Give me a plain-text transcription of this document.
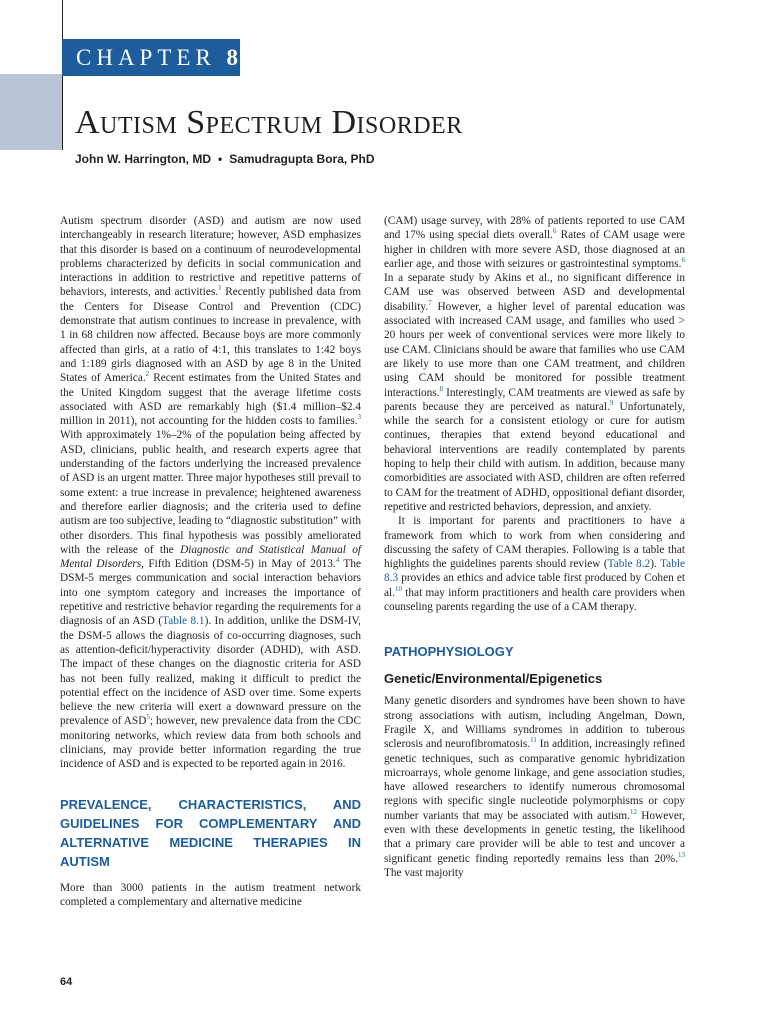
CHAPTER 8
Autism Spectrum Disorder
John W. Harrington, MD • Samudragupta Bora, PhD

Autism spectrum disorder (ASD) and autism are now used interchangeably in research literature; however, ASD emphasizes that this disorder is based on a continuum of neurodevelopmental problems characterized by deficits in social communication and interactions in addition to restrictive and repetitive patterns of behaviors, interests, and activities.$^1$ Recently published data from the Centers for Disease Control and Prevention (CDC) demonstrate that autism continues to increase in prevalence, with 1 in 68 children now affected. Because boys are more commonly affected than girls, at a ratio of 4:1, this translates to 1:42 boys and 1:189 girls diagnosed with an ASD by age 8 in the United States of America.$^2$ Recent estimates from the United States and the United Kingdom suggest that the average lifetime costs associated with ASD are remarkably high ($1.4 million–$2.4 million in 2011), not accounting for the hidden costs to families.$^3$ With approximately 1%–2% of the population being affected by ASD, clinicians, public health, and research experts agree that understanding of the factors underlying the increased prevalence of ASD is an urgent matter. Three major hypotheses still prevail to some extent: a true increase in prevalence; heightened awareness and therefore earlier diagnosis; and the criteria used to define autism are too subjective, leading to “diagnostic substitution” with other disorders. This final hypothesis was possibly ameliorated with the release of the Diagnostic and Statistical Manual of Mental Disorders, Fifth Edition (DSM-5) in May of 2013.$^4$ The DSM-5 merges communication and social interaction behaviors into one symptom category and increases the importance of repetitive and restrictive behavior regarding the requirements for a diagnosis of an ASD (Table 8.1). In addition, unlike the DSM-IV, the DSM-5 allows the diagnosis of co-occurring diagnoses, such as attention-deficit/hyperactivity disorder (ADHD), with ASD. The impact of these changes on the diagnostic criteria for ASD has not been fully realized, making it difficult to predict the potential effect on the incidence of ASD over time. Some experts believe the new criteria will exert a downward pressure on the prevalence of ASD$^5$; however, new prevalence data from the CDC monitoring networks, which review data from both schools and clinicians, may provide better information regarding the true incidence of ASD and is expected to be reported again in 2016.

PREVALENCE, CHARACTERISTICS, AND GUIDELINES FOR COMPLEMENTARY AND ALTERNATIVE MEDICINE THERAPIES IN AUTISM

More than 3000 patients in the autism treatment network completed a complementary and alternative medicine

(CAM) usage survey, with 28% of patients reported to use CAM and 17% using special diets overall.$^6$ Rates of CAM usage were higher in children with more severe ASD, those diagnosed at an earlier age, and those with seizures or gastrointestinal symptoms.$^6$ In a separate study by Akins et al., no significant difference in CAM use was observed between ASD and developmental disability.$^7$ However, a higher level of parental education was associated with increased CAM usage, and families who used > 20 hours per week of conventional services were more likely to use CAM. Clinicians should be aware that families who use CAM are likely to use more than one CAM treatment, and children using CAM should be monitored for possible treatment interactions.$^8$ Interestingly, CAM treatments are viewed as safe by parents because they are perceived as natural.$^9$ Unfortunately, while the search for a consistent etiology or cure for autism continues, therapies that extend beyond educational and behavioral interventions are readily contemplated by parents hoping to help their child with autism. In addition, because many comorbidities are associated with ASD, children are often referred to CAM for the treatment of ADHD, oppositional defiant disorder, repetitive and restricted behaviors, depression, and anxiety.

It is important for parents and practitioners to have a framework from which to work from when considering and discussing the safety of CAM therapies. Following is a table that highlights the guidelines parents should review (Table 8.2). Table 8.3 provides an ethics and advice table first produced by Cohen et al.$^{10}$ that may inform practitioners and health care providers when counseling parents regarding the use of a CAM therapy.

PATHOPHYSIOLOGY
Genetic/Environmental/Epigenetics

Many genetic disorders and syndromes have been shown to have strong associations with autism, including Angelman, Down, Fragile X, and Williams syndromes in addition to tuberous sclerosis and neurofibromatosis.$^{11}$ In addition, increasingly refined genetic techniques, such as comparative genomic hybridization microarrays, whole genome linkage, and gene association studies, have allowed researchers to identify numerous chromosomal regions with specific single nucleotide polymorphisms or copy number variants that may be associated with autism.$^{12}$ However, even with these developments in genetic testing, the likelihood that a primary care provider will be able to test and uncover a significant genetic finding reportedly remains less than 20%.$^{13}$ The vast majority

64
